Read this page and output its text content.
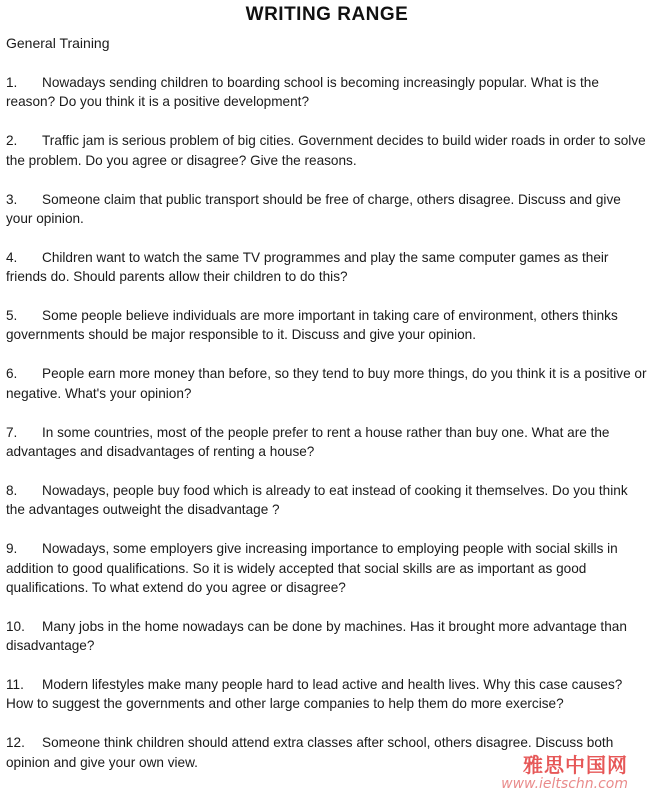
WRITING RANGE
General Training
1. Nowadays sending children to boarding school is becoming increasingly popular. What is the reason? Do you think it is a positive development?
2. Traffic jam is serious problem of big cities. Government decides to build wider roads in order to solve the problem. Do you agree or disagree? Give the reasons.
3. Someone claim that public transport should be free of charge, others disagree. Discuss and give your opinion.
4. Children want to watch the same TV programmes and play the same computer games as their friends do. Should parents allow their children to do this?
5. Some people believe individuals are more important in taking care of environment, others thinks governments should be major responsible to it. Discuss and give your opinion.
6. People earn more money than before, so they tend to buy more things, do you think it is a positive or negative. What's your opinion?
7. In some countries, most of the people prefer to rent a house rather than buy one. What are the advantages and disadvantages of renting a house?
8. Nowadays, people buy food which is already to eat instead of cooking it themselves. Do you think the advantages outweight the disadvantage ?
9. Nowadays, some employers give increasing importance to employing people with social skills in addition to good qualifications. So it is widely accepted that social skills are as important as good qualifications. To what extend do you agree or disagree?
10. Many jobs in the home nowadays can be done by machines. Has it brought more advantage than disadvantage?
11. Modern lifestyles make many people hard to lead active and health lives. Why this case causes? How to suggest the governments and other large companies to help them do more exercise?
12. Someone think children should attend extra classes after school, others disagree. Discuss both opinion and give your own view.	雅思中国网
www.ieltschn.com
